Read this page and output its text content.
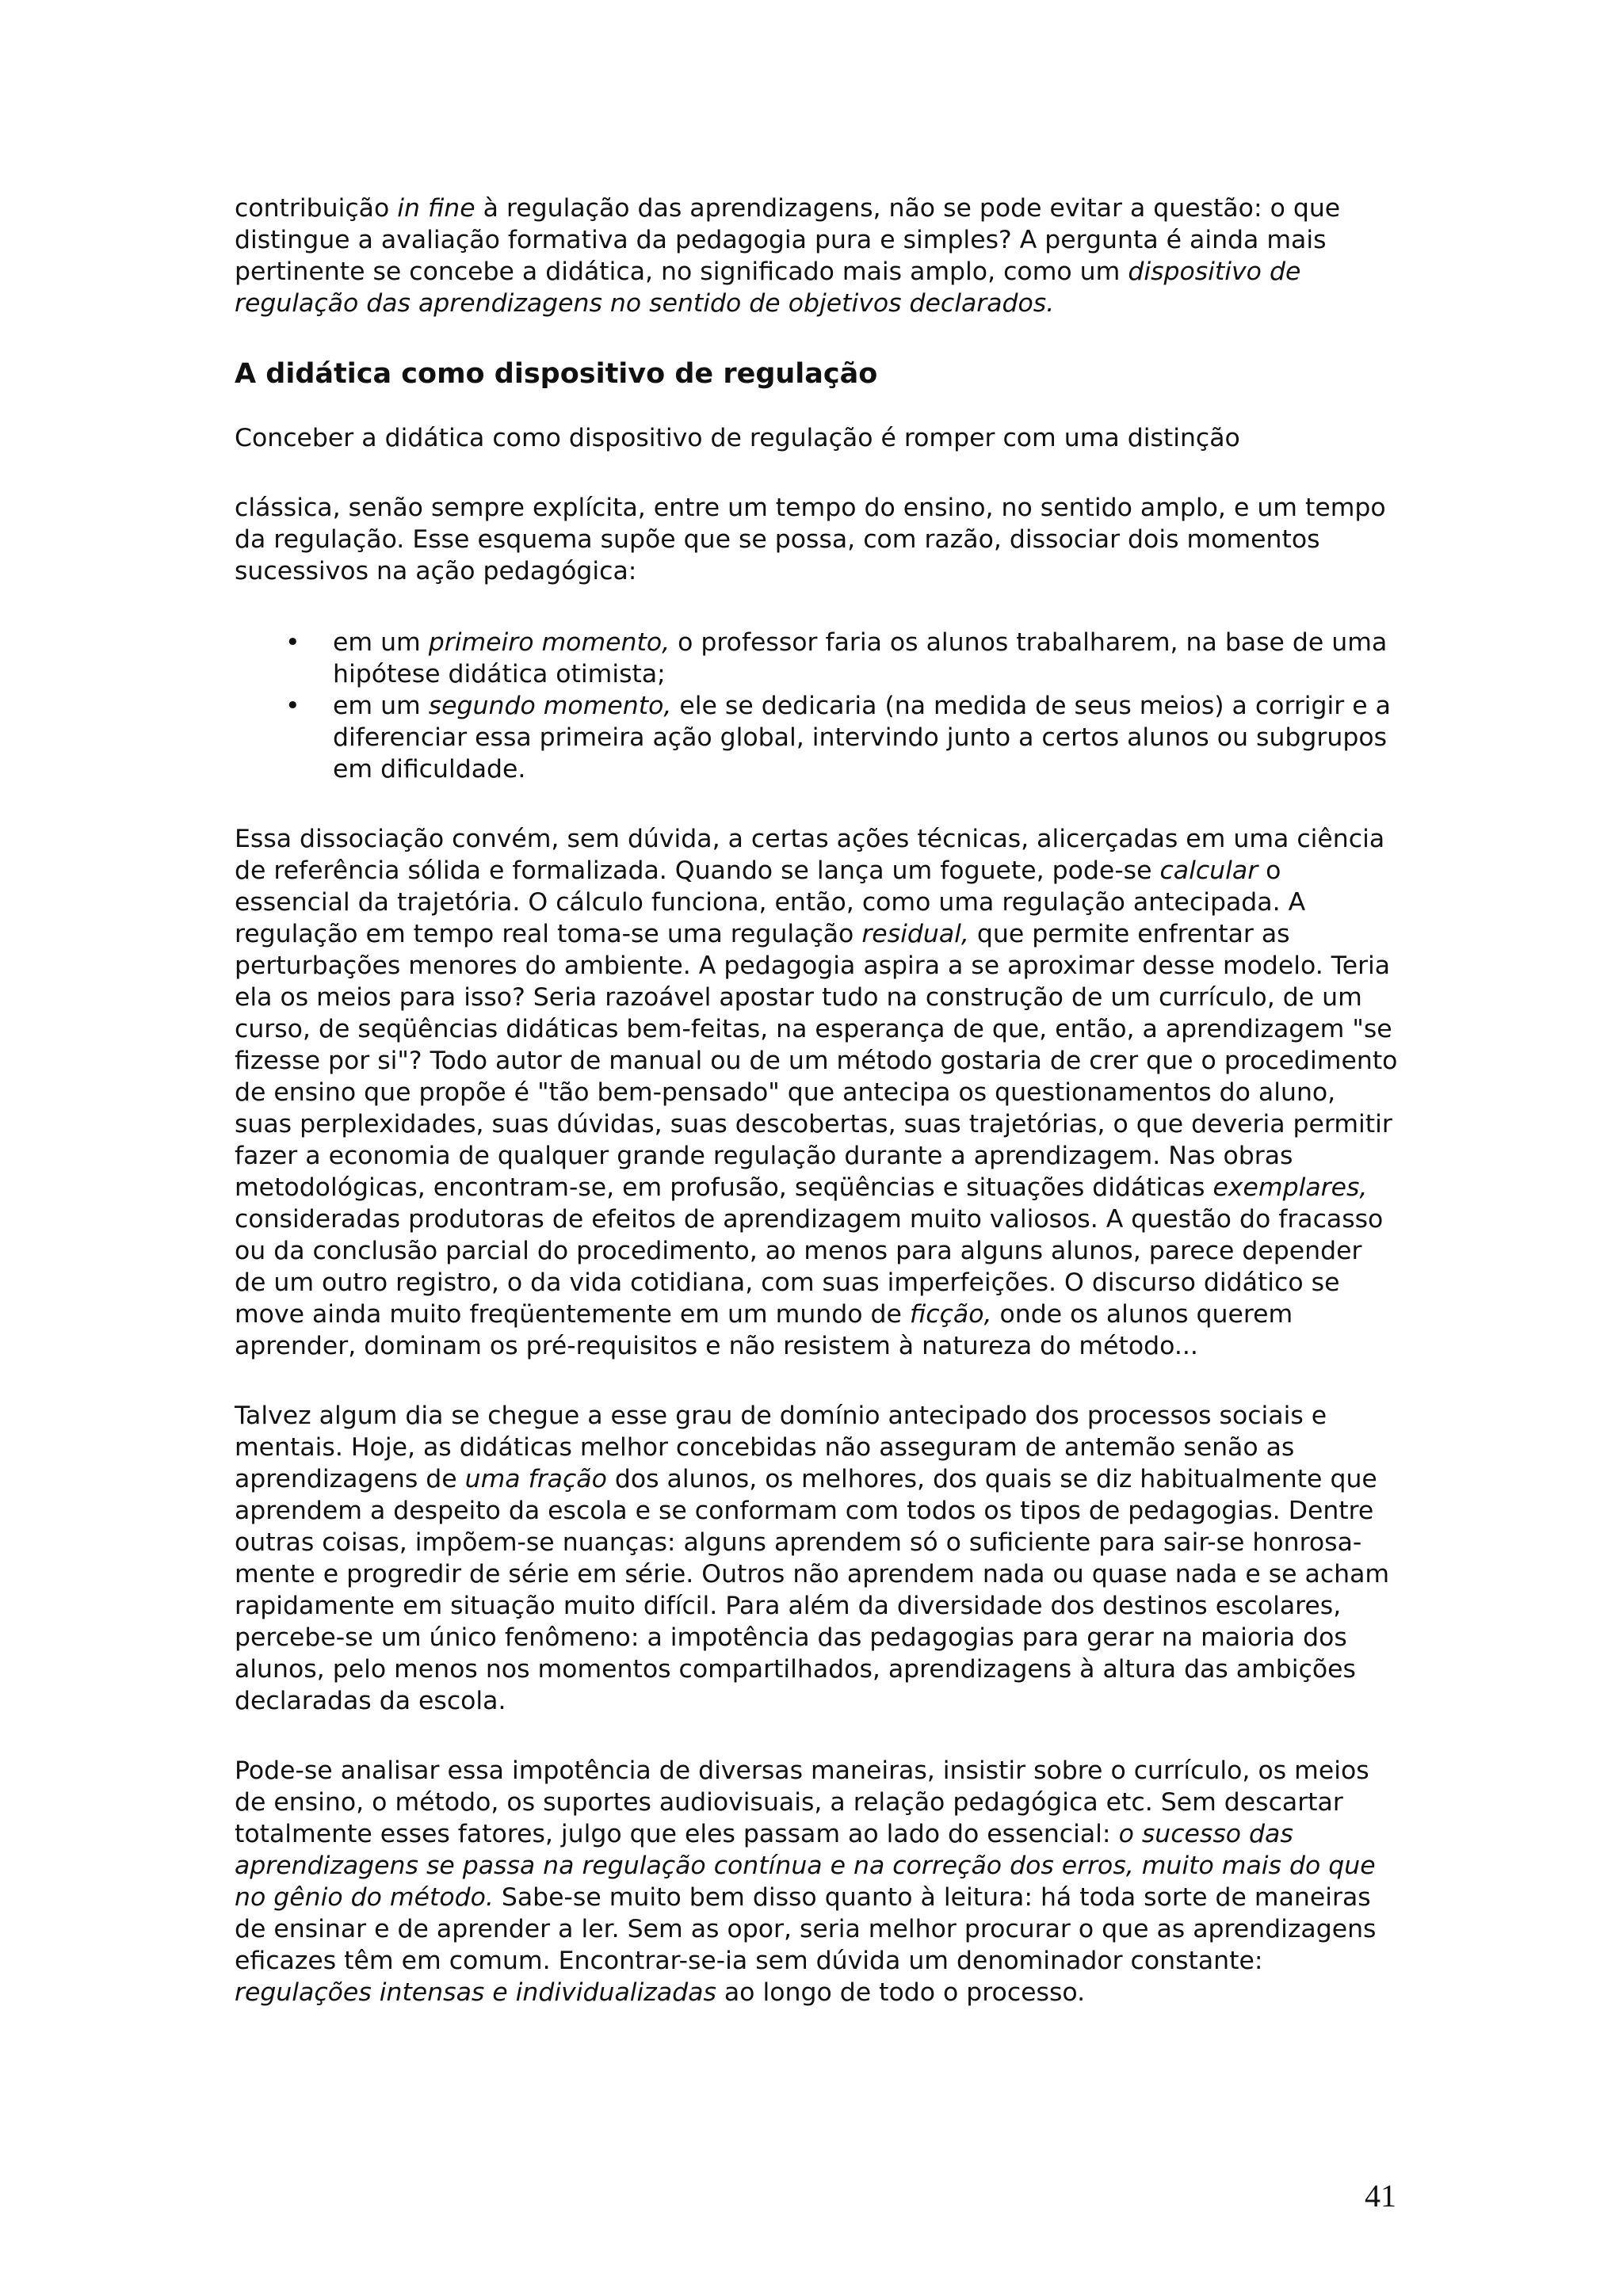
contribuição in fine à regulação das aprendizagens, não se pode evitar a questão: o que distingue a avaliação formativa da pedagogia pura e simples? A pergunta é ainda mais pertinente se concebe a didática, no significado mais amplo, como um dispositivo de regulação das aprendizagens no sentido de objetivos declarados.

A didática como dispositivo de regulação

Conceber a didática como dispositivo de regulação é romper com uma distinção

clássica, senão sempre explícita, entre um tempo do ensino, no sentido amplo, e um tempo da regulação. Esse esquema supõe que se possa, com razão, dissociar dois momentos sucessivos na ação pedagógica:

• em um primeiro momento, o professor faria os alunos trabalharem, na base de uma hipótese didática otimista;
• em um segundo momento, ele se dedicaria (na medida de seus meios) a corrigir e a diferenciar essa primeira ação global, intervindo junto a certos alunos ou subgrupos em dificuldade.

Essa dissociação convém, sem dúvida, a certas ações técnicas, alicerçadas em uma ciência de referência sólida e formalizada. Quando se lança um foguete, pode-se calcular o essencial da trajetória. O cálculo funciona, então, como uma regulação antecipada. A regulação em tempo real toma-se uma regulação residual, que permite enfrentar as perturbações menores do ambiente. A pedagogia aspira a se aproximar desse modelo. Teria ela os meios para isso? Seria razoável apostar tudo na construção de um currículo, de um curso, de seqüências didáticas bem-feitas, na esperança de que, então, a aprendizagem "se fizesse por si"? Todo autor de manual ou de um método gostaria de crer que o procedimento de ensino que propõe é "tão bem-pensado" que antecipa os questionamentos do aluno, suas perplexidades, suas dúvidas, suas descobertas, suas trajetórias, o que deveria permitir fazer a economia de qualquer grande regulação durante a aprendizagem. Nas obras metodológicas, encontram-se, em profusão, seqüências e situações didáticas exemplares, consideradas produtoras de efeitos de aprendizagem muito valiosos. A questão do fracasso ou da conclusão parcial do procedimento, ao menos para alguns alunos, parece depender de um outro registro, o da vida cotidiana, com suas imperfeições. O discurso didático se move ainda muito freqüentemente em um mundo de ficção, onde os alunos querem aprender, dominam os pré-requisitos e não resistem à natureza do método...

Talvez algum dia se chegue a esse grau de domínio antecipado dos processos sociais e mentais. Hoje, as didáticas melhor concebidas não asseguram de antemão senão as aprendizagens de uma fração dos alunos, os melhores, dos quais se diz habitualmente que aprendem a despeito da escola e se conformam com todos os tipos de pedagogias. Dentre outras coisas, impõem-se nuanças: alguns aprendem só o suficiente para sair-se honrosa- mente e progredir de série em série. Outros não aprendem nada ou quase nada e se acham rapidamente em situação muito difícil. Para além da diversidade dos destinos escolares, percebe-se um único fenômeno: a impotência das pedagogias para gerar na maioria dos alunos, pelo menos nos momentos compartilhados, aprendizagens à altura das ambições declaradas da escola.

Pode-se analisar essa impotência de diversas maneiras, insistir sobre o currículo, os meios de ensino, o método, os suportes audiovisuais, a relação pedagógica etc. Sem descartar totalmente esses fatores, julgo que eles passam ao lado do essencial: o sucesso das aprendizagens se passa na regulação contínua e na correção dos erros, muito mais do que no gênio do método. Sabe-se muito bem disso quanto à leitura: há toda sorte de maneiras de ensinar e de aprender a ler. Sem as opor, seria melhor procurar o que as aprendizagens eficazes têm em comum. Encontrar-se-ia sem dúvida um denominador constante: regulações intensas e individualizadas ao longo de todo o processo.

41
